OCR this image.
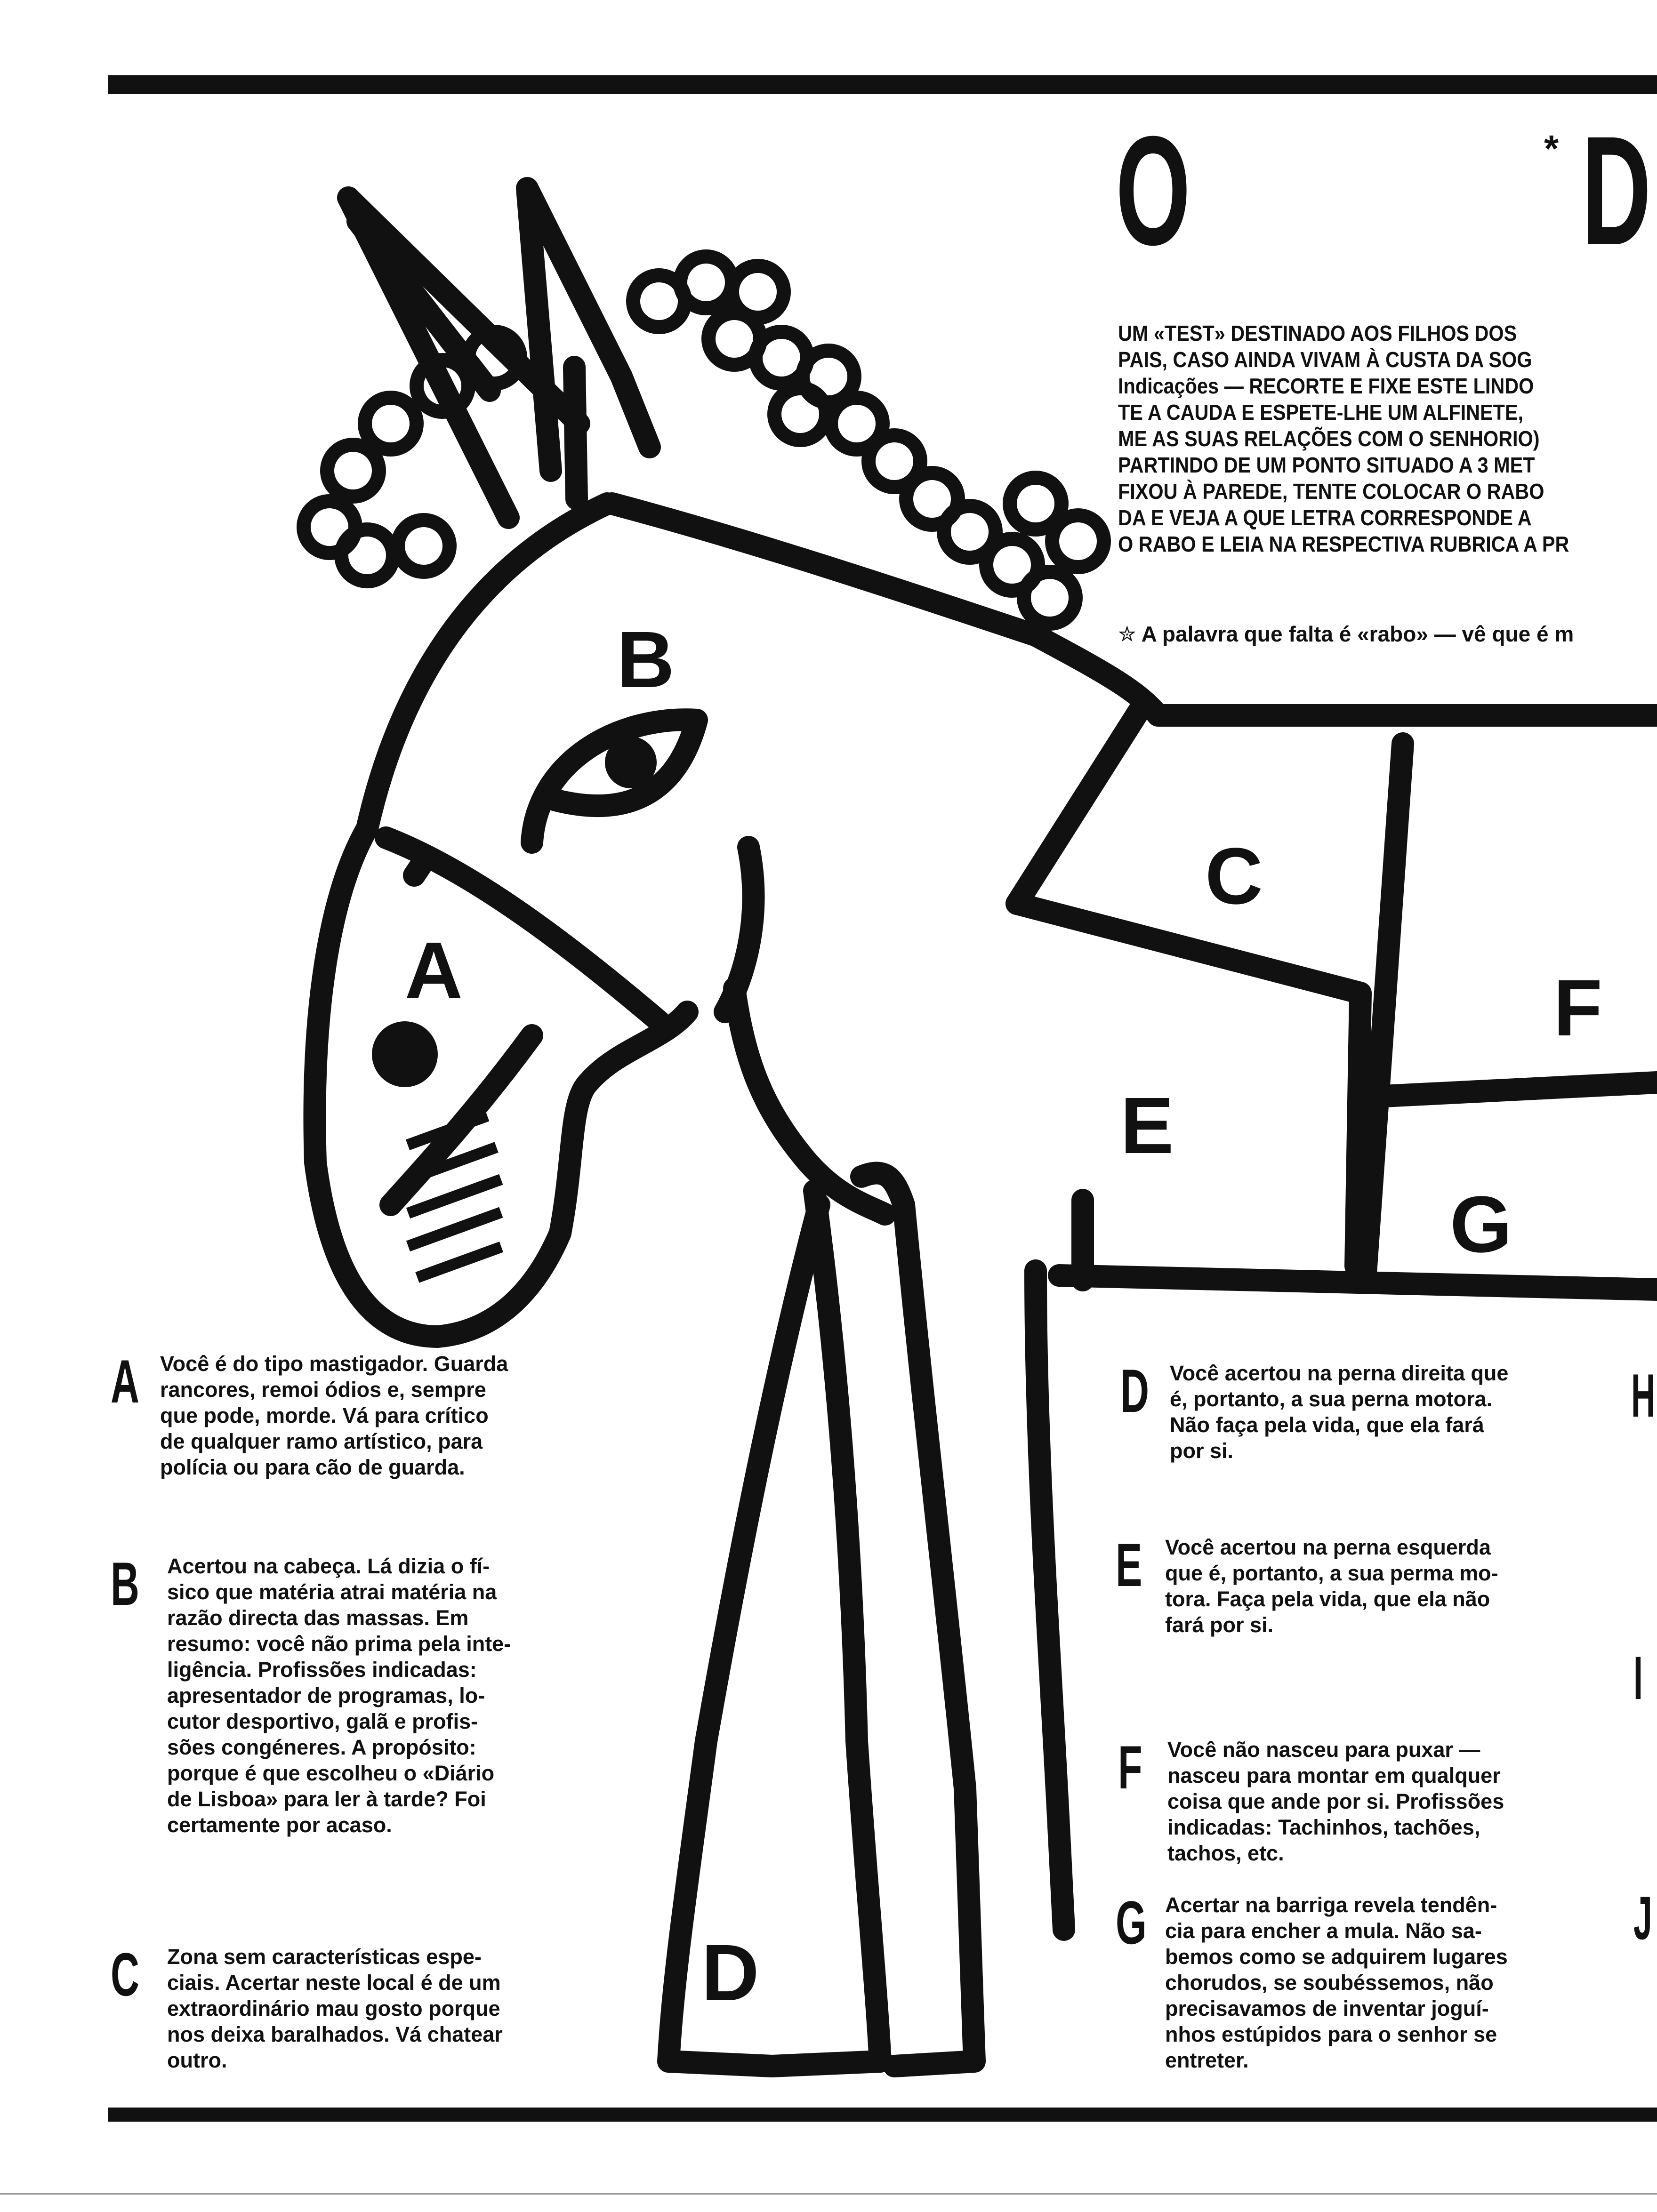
A
B
C
D
E
F
G
O	* D

UM «TEST» DESTINADO AOS FILHOS DOS

PAIS, CASO AINDA VIVAM À CUSTA DA SOG

Indicações — RECORTE E FIXE ESTE LINDO

TE A CAUDA E ESPETE-LHE UM ALFINETE,

ME AS SUAS RELAÇÕES COM O SENHORIO)

PARTINDO DE UM PONTO SITUADO A 3 MET

FIXOU À PAREDE, TENTE COLOCAR O RABO

DA E VEJA A QUE LETRA CORRESPONDE A

O RABO E LEIA NA RESPECTIVA RUBRICA A PR

✮ A palavra que falta é «rabo» — vê que é m
A Você é do tipo mastigador. Guarda

rancores, remoi ódios e, sempre

que pode, morde. Vá para crítico

de qualquer ramo artístico, para

polícia ou para cão de guarda.

B Acertou na cabeça. Lá dizia o fí-

sico que matéria atrai matéria na

razão directa das massas. Em

resumo: você não prima pela inte-

ligência. Profissões indicadas:

apresentador de programas, lo-

cutor desportivo, galã e profis-

sões congéneres. A propósito:

porque é que escolheu o «Diário

de Lisboa» para ler à tarde? Foi

certamente por acaso.

C Zona sem características espe-

ciais. Acertar neste local é de um

extraordinário mau gosto porque

nos deixa baralhados. Vá chatear

outro.

D Você acertou na perna direita que

é, portanto, a sua perna motora.

Não faça pela vida, que ela fará

por si.

E Você acertou na perna esquerda

que é, portanto, a sua perma mo-

tora. Faça pela vida, que ela não

fará por si.

F Você não nasceu para puxar —

nasceu para montar em qualquer

coisa que ande por si. Profissões

indicadas: Tachinhos, tachões,

tachos, etc.

G Acertar na barriga revela tendên-

cia para encher a mula. Não sa-

bemos como se adquirem lugares

chorudos, se soubéssemos, não

precisavamos de inventar joguí-

nhos estúpidos para o senhor se

entreter.

H
I
J
